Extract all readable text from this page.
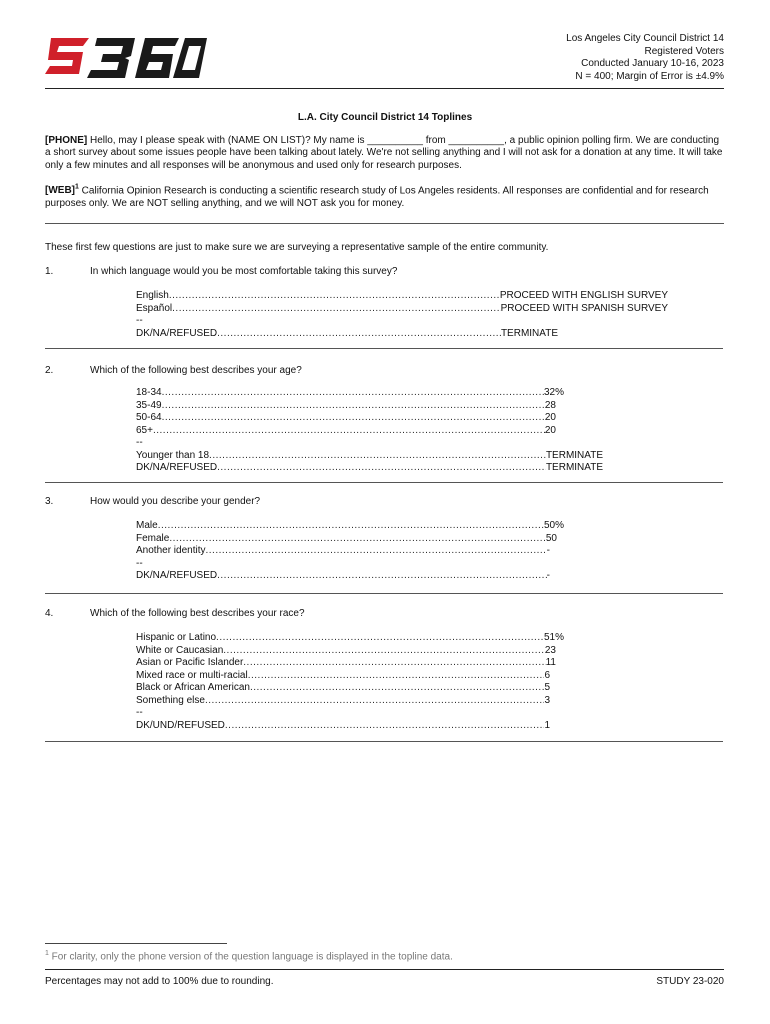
Los Angeles City Council District 14
Registered Voters
Conducted January 10-16, 2023
N = 400; Margin of Error is ±4.9%
L.A. City Council District 14 Toplines
[PHONE] Hello, may I please speak with (NAME ON LIST)? My name is __________ from __________, a public opinion polling firm. We are conducting a short survey about some issues people have been talking about lately. We're not selling anything and I will not ask for a donation at any time. It will take only a few minutes and all responses will be anonymous and used only for research purposes.
[WEB]$^1$ California Opinion Research is conducting a scientific research study of Los Angeles residents. All responses are confidential and for research purposes only. We are NOT selling anything, and we will NOT ask you for money.
These first few questions are just to make sure we are surveying a representative sample of the entire community.
1.	In which language would you be most comfortable taking this survey?
English .....	PROCEED WITH ENGLISH SURVEY
Español .....	PROCEED WITH SPANISH SURVEY
--
DK/NA/REFUSED .....	TERMINATE
2.	Which of the following best describes your age?
18-34 .....	32%
35-49 .....	28
50-64 .....	20
65+ .....	20
--
Younger than 18 .....	TERMINATE
DK/NA/REFUSED .....	TERMINATE
3.	How would you describe your gender?
Male .....	50%
Female .....	50
Another identity .....	-
--
DK/NA/REFUSED .....	-
4.	Which of the following best describes your race?
Hispanic or Latino .....	51%
White or Caucasian .....	23
Asian or Pacific Islander .....	11
Mixed race or multi-racial .....	6
Black or African American .....	5
Something else .....	3
--
DK/UND/REFUSED .....	1
$^1$ For clarity, only the phone version of the question language is displayed in the topline data.
Percentages may not add to 100% due to rounding.	STUDY 23-020
